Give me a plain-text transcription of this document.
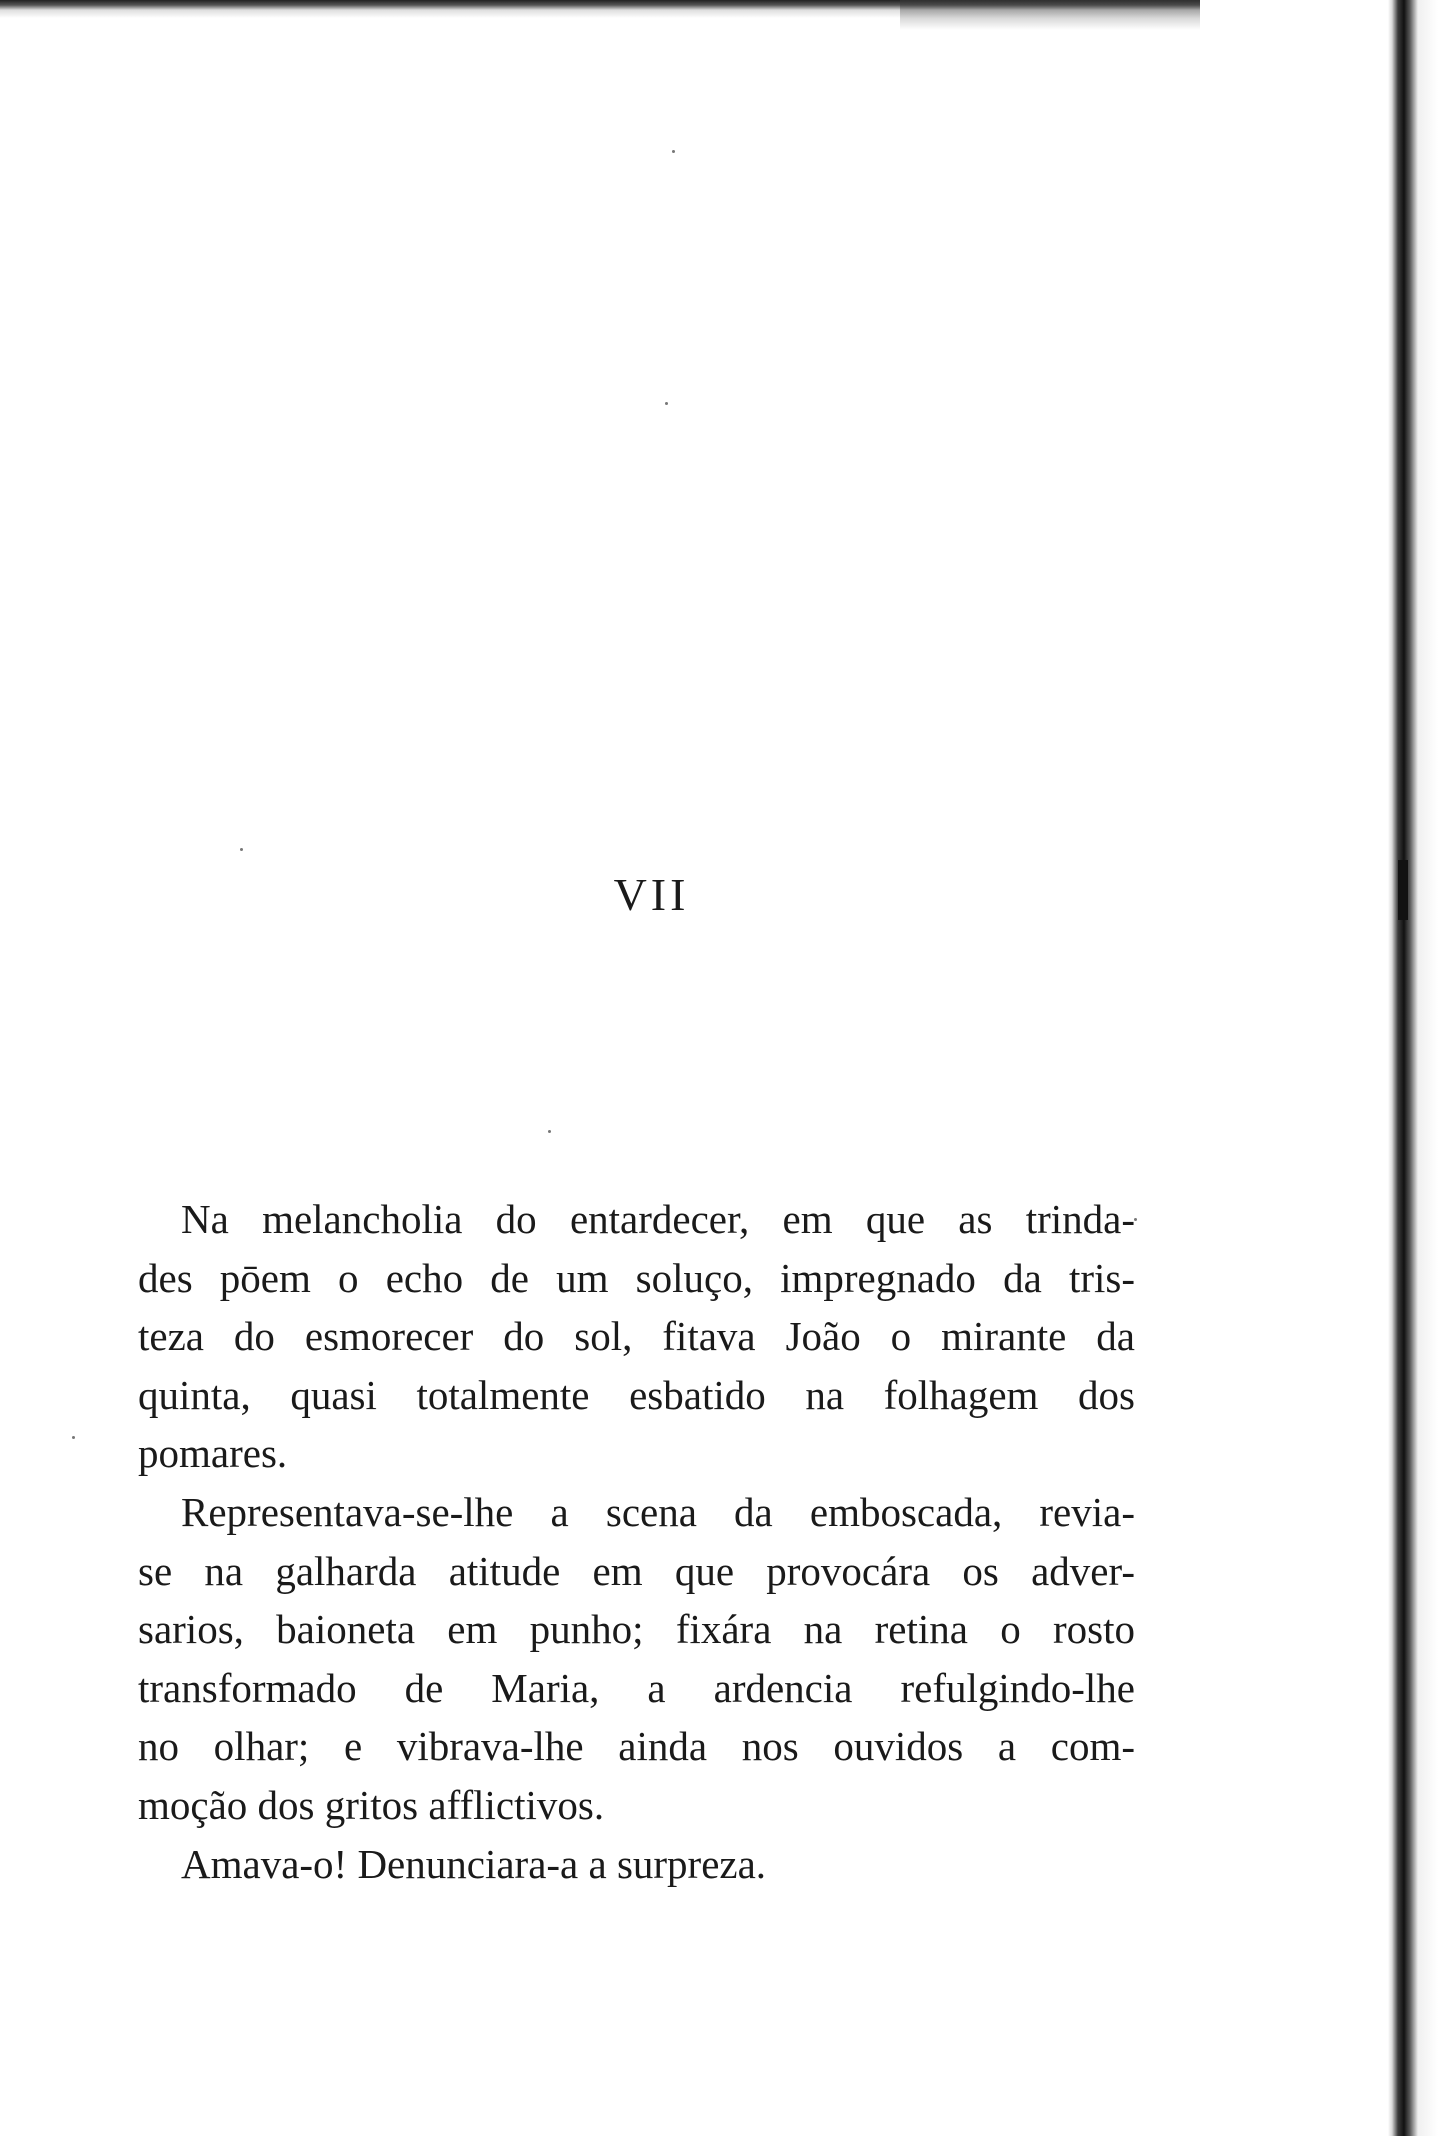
VII
Na melancholia do entardecer, em que as trinda-
des pōem o echo de um soluço, impregnado da tris-
teza do esmorecer do sol, fitava João o mirante da
quinta, quasi totalmente esbatido na folhagem dos
pomares.
Representava-se-lhe a scena da emboscada, revia-
se na galharda atitude em que provocára os adver-
sarios, baioneta em punho; fixára na retina o rosto
transformado de Maria, a ardencia refulgindo-lhe
no olhar; e vibrava-lhe ainda nos ouvidos a com-
moção dos gritos afflictivos.
Amava-o! Denunciara-a a surpreza.
